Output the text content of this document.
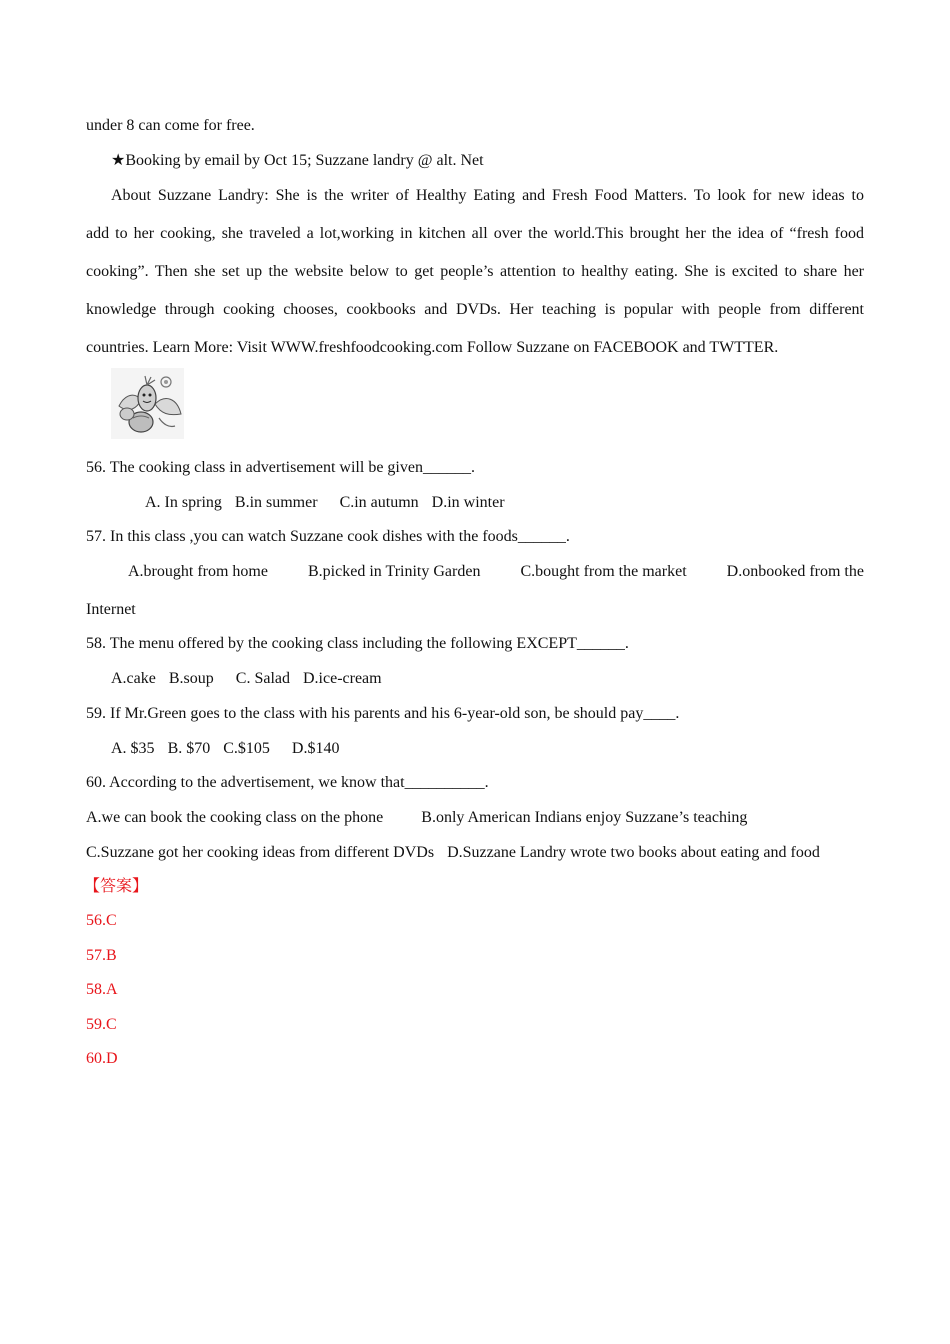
under 8 can come for free.
★Booking by email by Oct 15; Suzzane landry @ alt. Net
About Suzzane Landry: She is the writer of Healthy Eating and Fresh Food Matters. To look for new ideas to
add to her cooking, she traveled a lot,working in kitchen all over the world.This brought her the idea of “fresh food
cooking”. Then she set up the website below to get people’s attention to healthy eating. She is excited to share her
knowledge through cooking chooses, cookbooks and DVDs. Her teaching is popular with people from different
countries. Learn More: Visit WWW.freshfoodcooking.com Follow Suzzane on FACEBOOK and TWTTER.
56. The cooking class in advertisement will be given______.
A. In spring B.in summer C.in autumn D.in winter
57. In this class ,you can watch Suzzane cook dishes with the foods______.
A.brought from home	B.picked in Trinity Garden	C.bought from the market	D.onbooked from the
Internet
58. The menu offered by the cooking class including the following EXCEPT______.
A.cake B.soup C. Salad D.ice-cream
59. If Mr.Green goes to the class with his parents and his 6-year-old son, be should pay____.
A. $35 B. $70 C.$105 D.$140
60. According to the advertisement, we know that__________.
A.we can book the cooking class on the phone B.only American Indians enjoy Suzzane’s teaching
C.Suzzane got her cooking ideas from different DVDs D.Suzzane Landry wrote two books about eating and food
【答案】
56.C
57.B
58.A
59.C
60.D
